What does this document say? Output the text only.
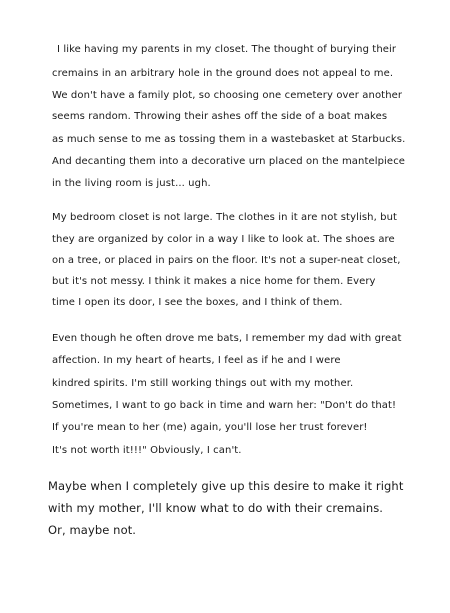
I like having my parents in my closet. The thought of burying their
cremains in an arbitrary hole in the ground does not appeal to me.
We don't have a family plot, so choosing one cemetery over another
seems random. Throwing their ashes off the side of a boat makes
as much sense to me as tossing them in a wastebasket at Starbucks.
And decanting them into a decorative urn placed on the mantelpiece
in the living room is just... ugh.
My bedroom closet is not large. The clothes in it are not stylish, but
they are organized by color in a way I like to look at. The shoes are
on a tree, or placed in pairs on the floor. It's not a super-neat closet,
but it's not messy. I think it makes a nice home for them. Every
time I open its door, I see the boxes, and I think of them.
Even though he often drove me bats, I remember my dad with great
affection. In my heart of hearts, I feel as if he and I were
kindred spirits. I'm still working things out with my mother.
Sometimes, I want to go back in time and warn her: "Don't do that!
If you're mean to her (me) again, you'll lose her trust forever!
It's not worth it!!!" Obviously, I can't.
Maybe when I completely give up this desire to make it right
with my mother, I'll know what to do with their cremains.
Or, maybe not.
